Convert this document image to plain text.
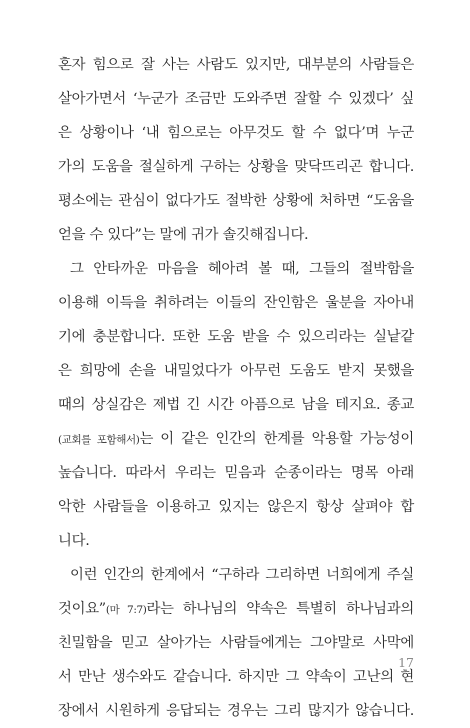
혼자 힘으로 잘 사는 사람도 있지만, 대부분의 사람들은
살아가면서 ‘누군가 조금만 도와주면 잘할 수 있겠다’ 싶
은 상황이나 ‘내 힘으로는 아무것도 할 수 없다’며 누군
가의 도움을 절실하게 구하는 상황을 맞닥뜨리곤 합니다.
평소에는 관심이 없다가도 절박한 상황에 처하면 “도움을
얻을 수 있다”는 말에 귀가 솔깃해집니다.
그 안타까운 마음을 헤아려 볼 때, 그들의 절박함을
이용해 이득을 취하려는 이들의 잔인함은 울분을 자아내
기에 충분합니다. 또한 도움 받을 수 있으리라는 실낱같
은 희망에 손을 내밀었다가 아무런 도움도 받지 못했을
때의 상실감은 제법 긴 시간 아픔으로 남을 테지요. 종교
(교회를 포함해서)는 이 같은 인간의 한계를 악용할 가능성이
높습니다. 따라서 우리는 믿음과 순종이라는 명목 아래
악한 사람들을 이용하고 있지는 않은지 항상 살펴야 합
니다.
이런 인간의 한계에서 “구하라 그리하면 너희에게 주실
것이요”(마 7:7)라는 하나님의 약속은 특별히 하나님과의
친밀함을 믿고 살아가는 사람들에게는 그야말로 사막에
서 만난 생수와도 같습니다. 하지만 그 약속이 고난의 현
장에서 시원하게 응답되는 경우는 그리 많지가 않습니다.
17
